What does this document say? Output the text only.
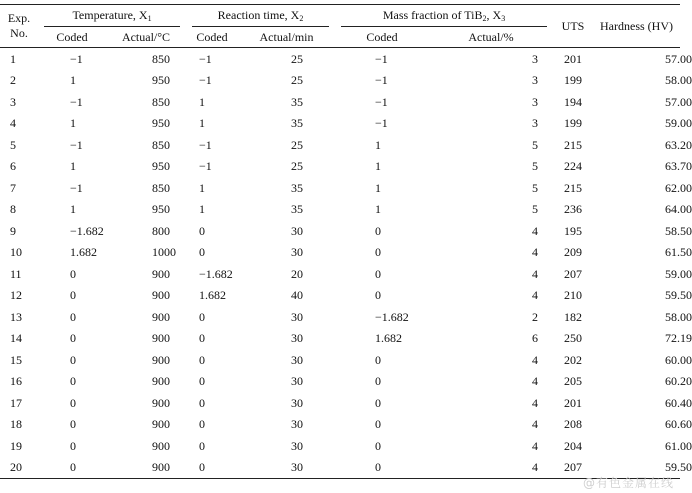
Exp. No.	Temperature, $X_1$		Reaction time, $X_2$		Mass fraction of TiB$_2$, $X_3$		UTS	Hardness (HV)
	Coded	Actual/°C	Coded	Actual/min	Coded	Actual/%		
1	−1	850	−1	25	−1	3	201	57.00
2	1	950	−1	25	−1	3	199	58.00
3	−1	850	1	35	−1	3	194	57.00
4	1	950	1	35	−1	3	199	59.00
5	−1	850	−1	25	1	5	215	63.20
6	1	950	−1	25	1	5	224	63.70
7	−1	850	1	35	1	5	215	62.00
8	1	950	1	35	1	5	236	64.00
9	−1.682	800	0	30	0	4	195	58.50
10	1.682	1000	0	30	0	4	209	61.50
11	0	900	−1.682	20	0	4	207	59.00
12	0	900	1.682	40	0	4	210	59.50
13	0	900	0	30	−1.682	2	182	58.00
14	0	900	0	30	1.682	6	250	72.19
15	0	900	0	30	0	4	202	60.00
16	0	900	0	30	0	4	205	60.20
17	0	900	0	30	0	4	201	60.40
18	0	900	0	30	0	4	208	60.60
19	0	900	0	30	0	4	204	61.00
20	0	900	0	30	0	4	207	59.50
@有色金属在线
